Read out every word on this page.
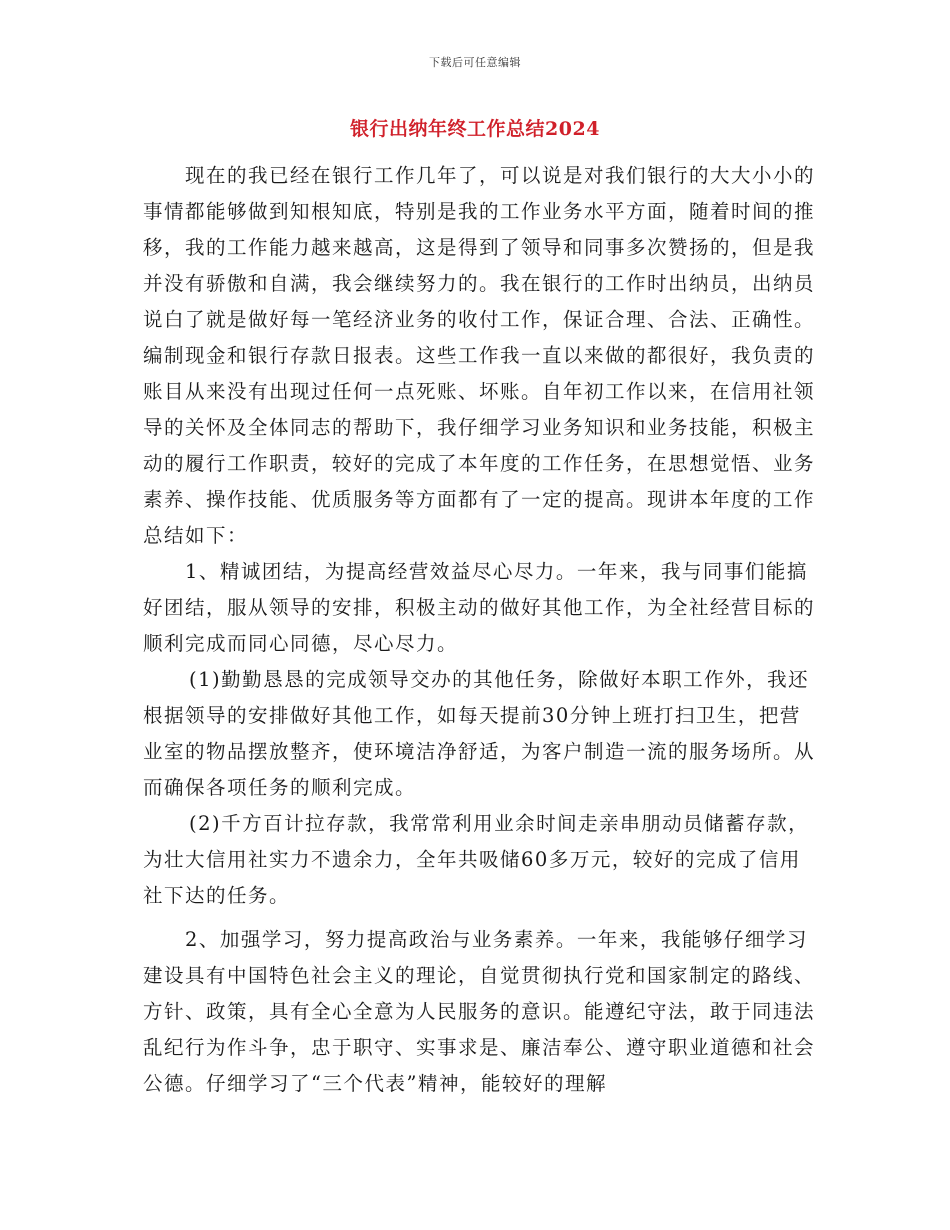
下载后可任意编辑
银行出纳年终工作总结2024

现在的我已经在银行工作几年了，可以说是对我们银行的大大小小的事情都能够做到知根知底，特别是我的工作业务水平方面，随着时间的推移，我的工作能力越来越高，这是得到了领导和同事多次赞扬的，但是我并没有骄傲和自满，我会继续努力的。我在银行的工作时出纳员，出纳员说白了就是做好每一笔经济业务的收付工作，保证合理、合法、正确性。编制现金和银行存款日报表。这些工作我一直以来做的都很好，我负责的账目从来没有出现过任何一点死账、坏账。自年初工作以来，在信用社领导的关怀及全体同志的帮助下，我仔细学习业务知识和业务技能，积极主动的履行工作职责，较好的完成了本年度的工作任务，在思想觉悟、业务素养、操作技能、优质服务等方面都有了一定的提高。现讲本年度的工作总结如下：

1、精诚团结，为提高经营效益尽心尽力。一年来，我与同事们能搞好团结，服从领导的安排，积极主动的做好其他工作，为全社经营目标的顺利完成而同心同德，尽心尽力。

(1)勤勤恳恳的完成领导交办的其他任务，除做好本职工作外，我还根据领导的安排做好其他工作，如每天提前30分钟上班打扫卫生，把营业室的物品摆放整齐，使环境洁净舒适，为客户制造一流的服务场所。从而确保各项任务的顺利完成。

(2)千方百计拉存款，我常常利用业余时间走亲串朋动员储蓄存款，为壮大信用社实力不遗余力，全年共吸储60多万元，较好的完成了信用社下达的任务。

2、加强学习，努力提高政治与业务素养。一年来，我能够仔细学习建设具有中国特色社会主义的理论，自觉贯彻执行党和国家制定的路线、方针、政策，具有全心全意为人民服务的意识。能遵纪守法，敢于同违法乱纪行为作斗争，忠于职守、实事求是、廉洁奉公、遵守职业道德和社会公德。仔细学习了“三个代表”精神，能较好的理解
